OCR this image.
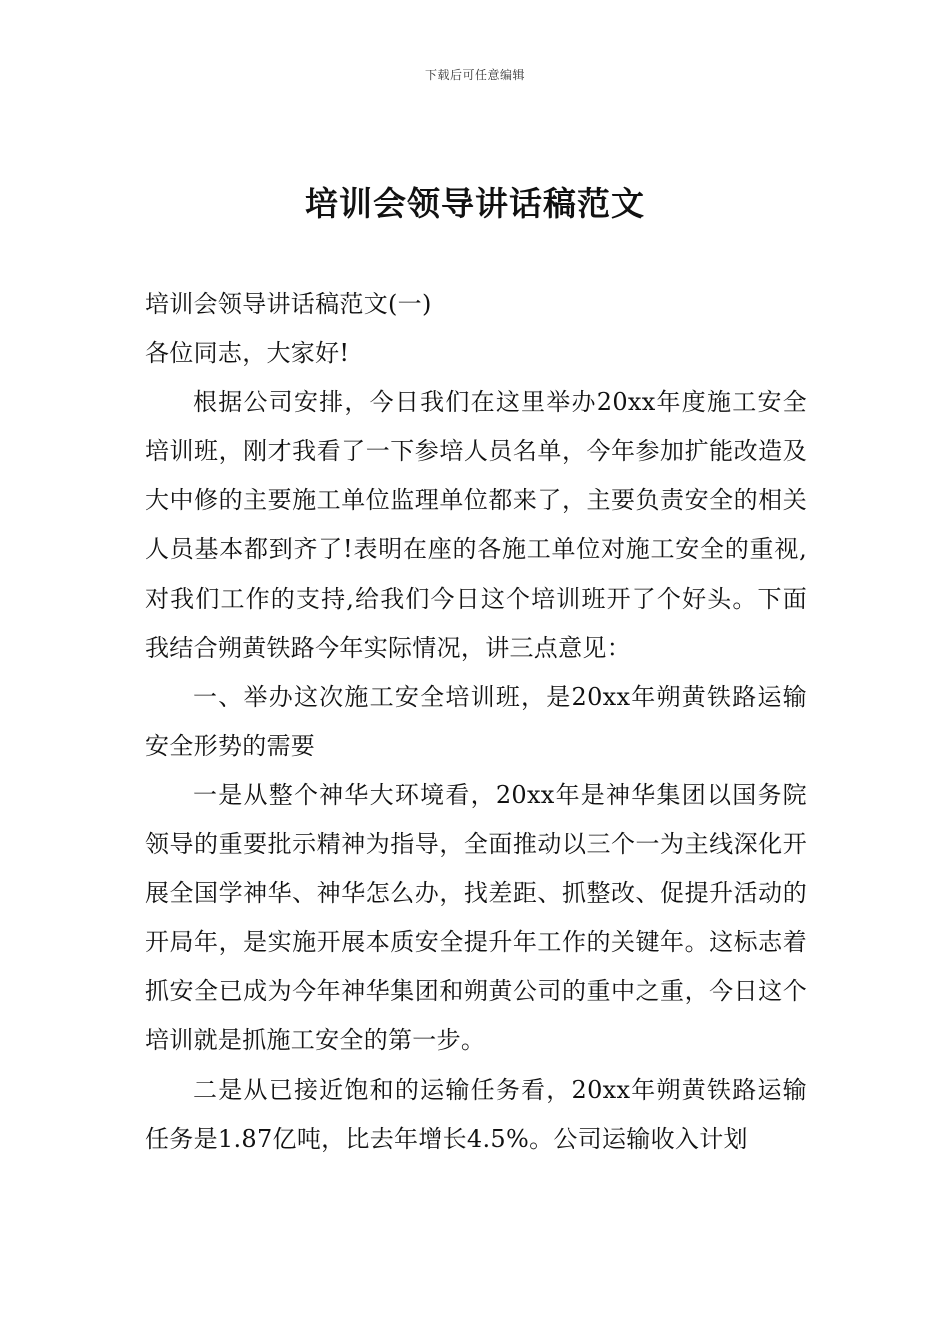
下载后可任意编辑
培训会领导讲话稿范文

培训会领导讲话稿范文(一)

各位同志，大家好!

根据公司安排，今日我们在这里举办20xx年度施工安全培训班，刚才我看了一下参培人员名单，今年参加扩能改造及大中修的主要施工单位监理单位都来了，主要负责安全的相关人员基本都到齐了!表明在座的各施工单位对施工安全的重视,对我们工作的支持,给我们今日这个培训班开了个好头。下面我结合朔黄铁路今年实际情况，讲三点意见：

一、举办这次施工安全培训班，是20xx年朔黄铁路运输安全形势的需要

一是从整个神华大环境看，20xx年是神华集团以国务院领导的重要批示精神为指导，全面推动以三个一为主线深化开展全国学神华、神华怎么办，找差距、抓整改、促提升活动的开局年，是实施开展本质安全提升年工作的关键年。这标志着抓安全已成为今年神华集团和朔黄公司的重中之重，今日这个培训就是抓施工安全的第一步。

二是从已接近饱和的运输任务看，20xx年朔黄铁路运输任务是1.87亿吨，比去年增长4.5%。公司运输收入计划
